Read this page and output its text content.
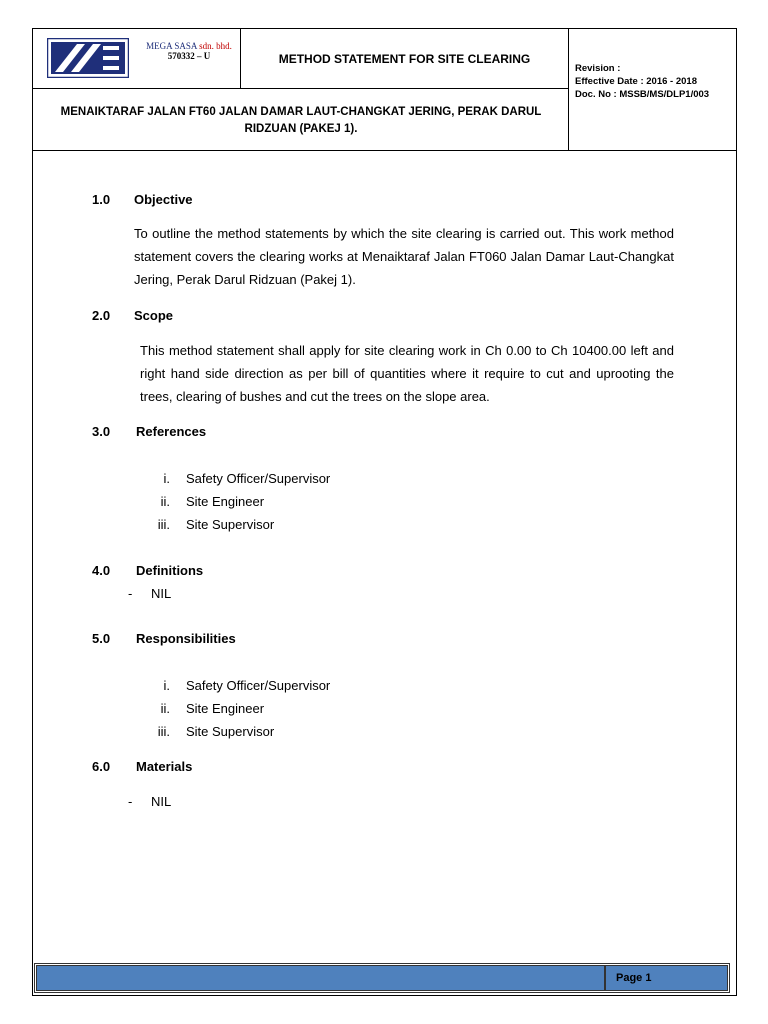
MEGA SASA sdn. bhd.
570332 – U	METHOD STATEMENT FOR SITE CLEARING
MENAIKTARAF JALAN FT60 JALAN DAMAR LAUT-CHANGKAT JERING, PERAK DARUL RIDZUAN (PAKEJ 1).
Revision :
Effective Date : 2016 - 2018
Doc. No : MSSB/MS/DLP1/003
1.0 Objective
To outline the method statements by which the site clearing is carried out. This work method statement covers the clearing works at Menaiktaraf Jalan FT060 Jalan Damar Laut-Changkat Jering, Perak Darul Ridzuan (Pakej 1).
2.0 Scope
This method statement shall apply for site clearing work in Ch 0.00 to Ch 10400.00 left and right hand side direction as per bill of quantities where it require to cut and uprooting the trees, clearing of bushes and cut the trees on the slope area.
3.0 References
i. Safety Officer/Supervisor
ii. Site Engineer
iii. Site Supervisor
4.0 Definitions
- NIL
5.0 Responsibilities
i. Safety Officer/Supervisor
ii. Site Engineer
iii. Site Supervisor
6.0 Materials
- NIL
Page 1
